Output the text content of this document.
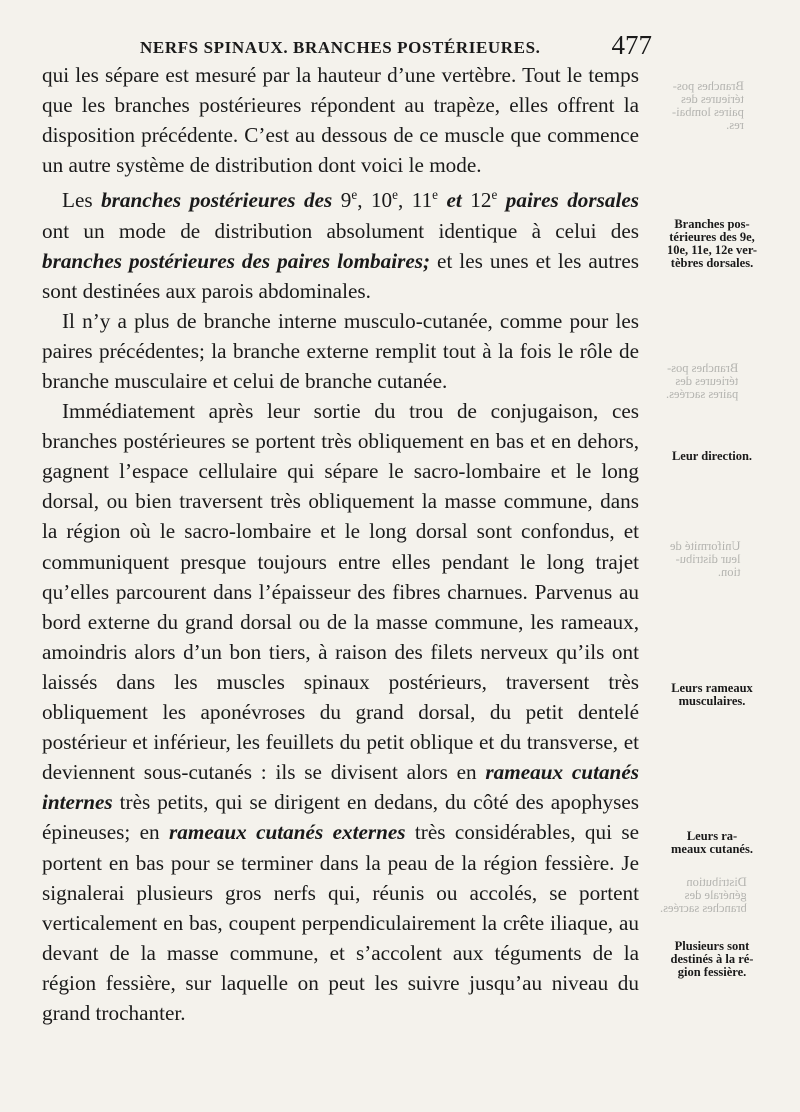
NERFS SPINAUX. BRANCHES POSTÉRIEURES.	477

qui les sépare est mesuré par la hauteur d’une vertèbre. Tout le temps que les branches postérieures répondent au trapèze, elles offrent la disposition précédente. C’est au dessous de ce muscle que commence un autre système de distribution dont voici le mode.

Les branches postérieures des 9e, 10e, 11e et 12e paires dorsales ont un mode de distribution absolument identique à celui des branches postérieures des paires lombaires; et les unes et les autres sont destinées aux parois abdominales.

Il n’y a plus de branche interne musculo-cutanée, comme pour les paires précédentes; la branche externe remplit tout à la fois le rôle de branche musculaire et celui de branche cutanée.

Immédiatement après leur sortie du trou de conjugaison, ces branches postérieures se portent très obliquement en bas et en dehors, gagnent l’espace cellulaire qui sépare le sacro-lombaire et le long dorsal, ou bien traversent très obliquement la masse commune, dans la région où le sacro-lombaire et le long dorsal sont confondus, et communiquent presque toujours entre elles pendant le long trajet qu’elles parcourent dans l’épaisseur des fibres charnues. Parvenus au bord externe du grand dorsal ou de la masse commune, les rameaux, amoindris alors d’un bon tiers, à raison des filets nerveux qu’ils ont laissés dans les muscles spinaux postérieurs, traversent très obliquement les aponévroses du grand dorsal, du petit dentelé postérieur et inférieur, les feuillets du petit oblique et du transverse, et deviennent sous-cutanés : ils se divisent alors en rameaux cutanés internes très petits, qui se dirigent en dedans, du côté des apophyses épineuses; en rameaux cutanés externes très considérables, qui se portent en bas pour se terminer dans la peau de la région fessière. Je signalerai plusieurs gros nerfs qui, réunis ou accolés, se portent verticalement en bas, coupent perpendiculairement la crête iliaque, au devant de la masse commune, et s’accolent aux téguments de la région fessière, sur laquelle on peut les suivre jusqu’au niveau du grand trochanter.

Branches pos-
térieures des 9e,
10e, 11e, 12e ver-
tèbres dorsales.
Leur direction.
Leurs rameaux
musculaires.
Leurs ra-
meaux cutanés.
Plusieurs sont
destinés à la ré-
gion fessière.
Branches pos-
térieures des
paires lombai-
res.
Branches pos-
térieures des
paires sacrées.
Uniformité de
leur distribu-
tion.
Distribution
générale des
branches sacrées.
